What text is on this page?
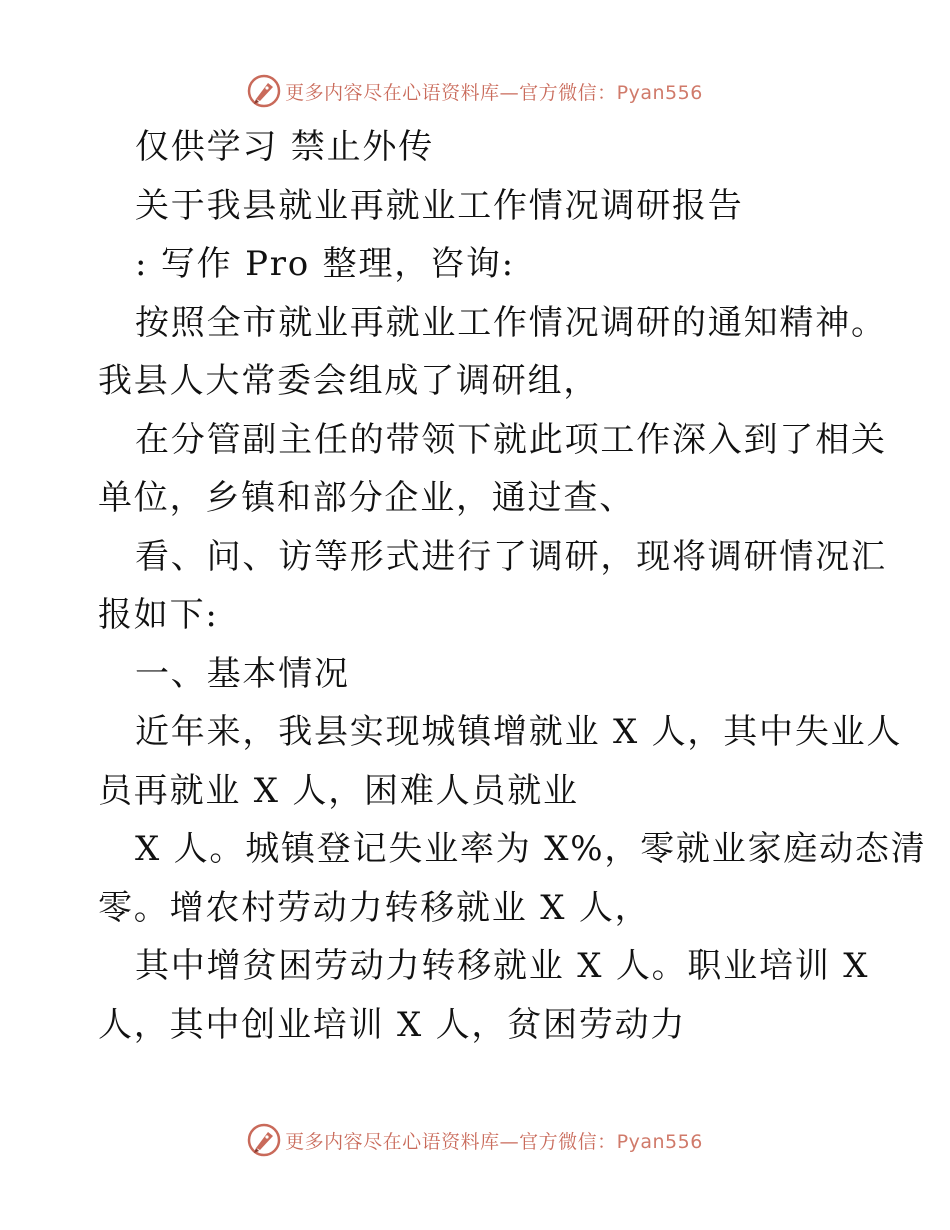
更多内容尽在心语资料库—官方微信：Pyan556

仅供学习 禁止外传

关于我县就业再就业工作情况调研报告

: 写作 Pro 整理，咨询:

按照全市就业再就业工作情况调研的通知精神。

我县人大常委会组成了调研组，

在分管副主任的带领下就此项工作深入到了相关

单位，乡镇和部分企业，通过查、

看、问、访等形式进行了调研，现将调研情况汇

报如下:

一、基本情况

近年来，我县实现城镇增就业 X 人，其中失业人

员再就业 X 人，困难人员就业

X 人。城镇登记失业率为 X%，零就业家庭动态清

零。增农村劳动力转移就业 X 人，

其中增贫困劳动力转移就业 X 人。职业培训 X

人，其中创业培训 X 人，贫困劳动力

更多内容尽在心语资料库—官方微信：Pyan556
